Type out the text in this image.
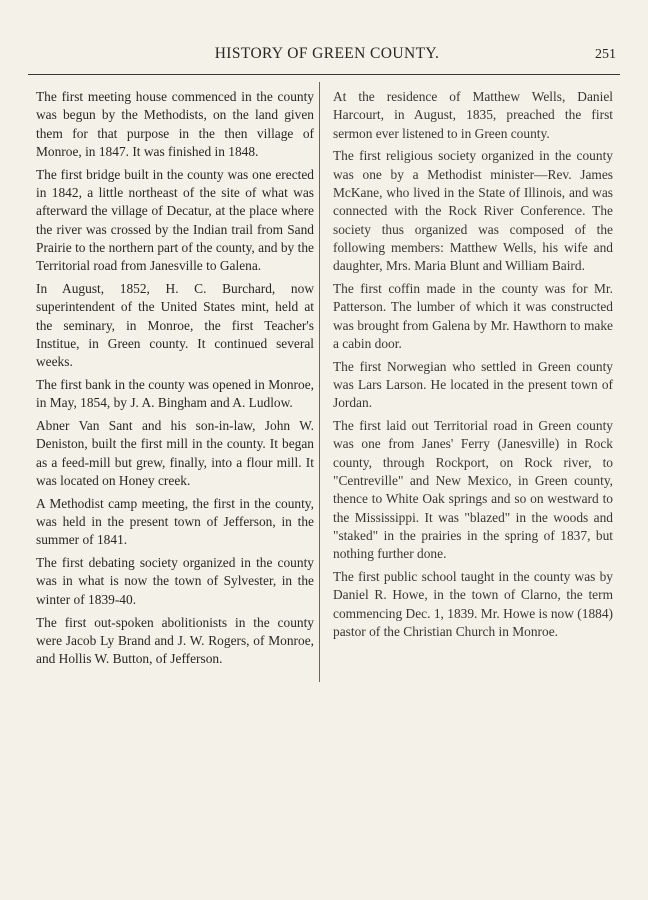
HISTORY OF GREEN COUNTY.	251

The first meeting house commenced in the county was begun by the Methodists, on the land given them for that purpose in the then village of Monroe, in 1847. It was finished in 1848.

The first bridge built in the county was one erected in 1842, a little northeast of the site of what was afterward the village of Decatur, at the place where the river was crossed by the Indian trail from Sand Prairie to the northern part of the county, and by the Territorial road from Janesville to Galena.

In August, 1852, H. C. Burchard, now superintendent of the United States mint, held at the seminary, in Monroe, the first Teacher's Institue, in Green county. It continued several weeks.

The first bank in the county was opened in Monroe, in May, 1854, by J. A. Bingham and A. Ludlow.

Abner Van Sant and his son-in-law, John W. Deniston, built the first mill in the county. It began as a feed-mill but grew, finally, into a flour mill. It was located on Honey creek.

A Methodist camp meeting, the first in the county, was held in the present town of Jefferson, in the summer of 1841.

The first debating society organized in the county was in what is now the town of Sylvester, in the winter of 1839-40.

The first out-spoken abolitionists in the county were Jacob Ly Brand and J. W. Rogers, of Monroe, and Hollis W. Button, of Jefferson.

At the residence of Matthew Wells, Daniel Harcourt, in August, 1835, preached the first sermon ever listened to in Green county.

The first religious society organized in the county was one by a Methodist minister—Rev. James McKane, who lived in the State of Illinois, and was connected with the Rock River Conference. The society thus organized was composed of the following members: Matthew Wells, his wife and daughter, Mrs. Maria Blunt and William Baird.

The first coffin made in the county was for Mr. Patterson. The lumber of which it was constructed was brought from Galena by Mr. Hawthorn to make a cabin door.

The first Norwegian who settled in Green county was Lars Larson. He located in the present town of Jordan.

The first laid out Territorial road in Green county was one from Janes' Ferry (Janesville) in Rock county, through Rockport, on Rock river, to "Centreville" and New Mexico, in Green county, thence to White Oak springs and so on westward to the Mississippi. It was "blazed" in the woods and "staked" in the prairies in the spring of 1837, but nothing further done.

The first public school taught in the county was by Daniel R. Howe, in the town of Clarno, the term commencing Dec. 1, 1839. Mr. Howe is now (1884) pastor of the Christian Church in Monroe.
